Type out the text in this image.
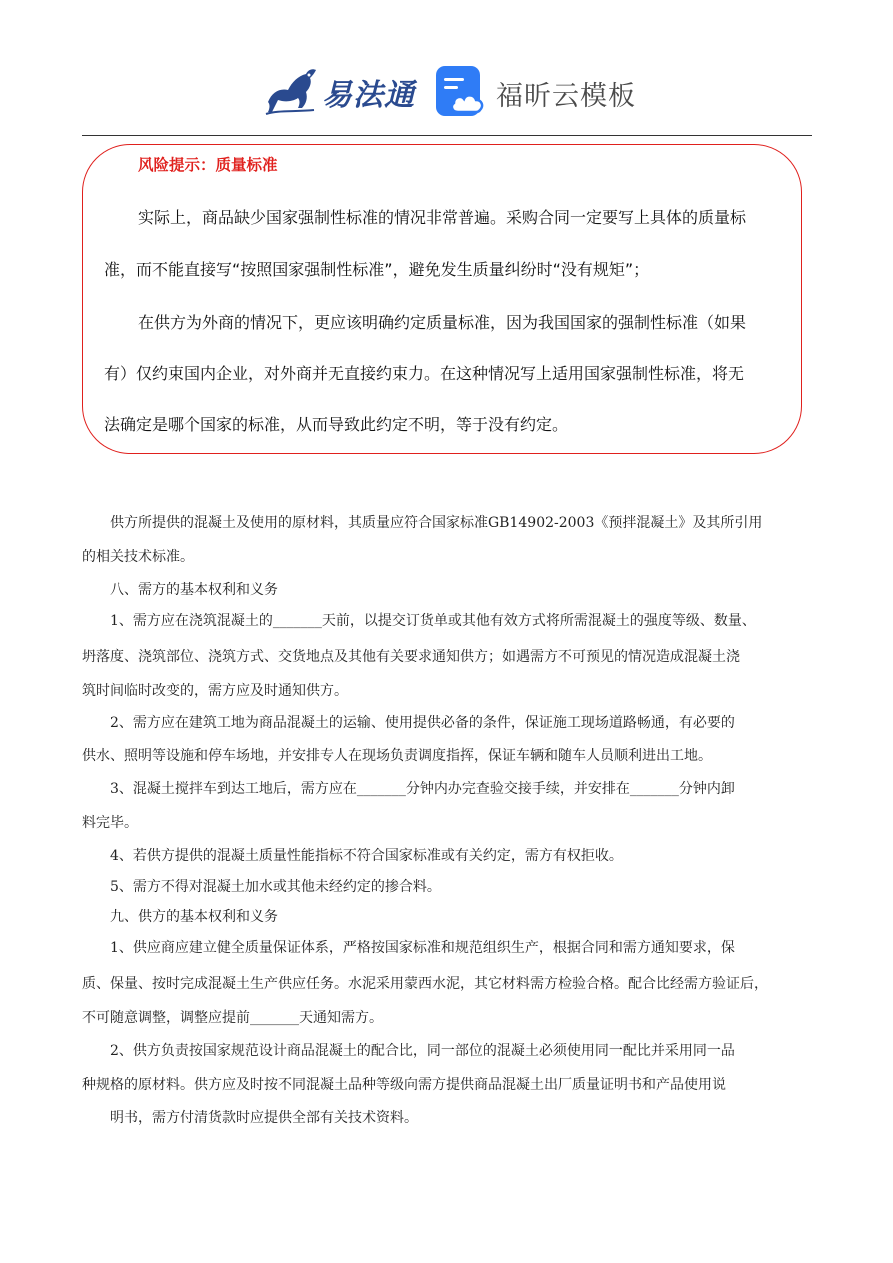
易法通	福昕云模板
风险提示：质量标准

实际上，商品缺少国家强制性标准的情况非常普遍。采购合同一定要写上具体的质量标

准，而不能直接写“按照国家强制性标准”，避免发生质量纠纷时“没有规矩”；

在供方为外商的情况下，更应该明确约定质量标准，因为我国国家的强制性标准（如果

有）仅约束国内企业，对外商并无直接约束力。在这种情况写上适用国家强制性标准，将无

法确定是哪个国家的标准，从而导致此约定不明，等于没有约定。

供方所提供的混凝土及使用的原材料，其质量应符合国家标准GB14902-2003《预拌混凝土》及其所引用

的相关技术标准。

八、需方的基本权利和义务

1、需方应在浇筑混凝土的_______天前，以提交订货单或其他有效方式将所需混凝土的强度等级、数量、

坍落度、浇筑部位、浇筑方式、交货地点及其他有关要求通知供方；如遇需方不可预见的情况造成混凝土浇

筑时间临时改变的，需方应及时通知供方。

2、需方应在建筑工地为商品混凝土的运输、使用提供必备的条件，保证施工现场道路畅通，有必要的

供水、照明等设施和停车场地，并安排专人在现场负责调度指挥，保证车辆和随车人员顺利进出工地。

3、混凝土搅拌车到达工地后，需方应在_______分钟内办完查验交接手续，并安排在_______分钟内卸

料完毕。

4、若供方提供的混凝土质量性能指标不符合国家标准或有关约定，需方有权拒收。

5、需方不得对混凝土加水或其他未经约定的掺合料。

九、供方的基本权利和义务

1、供应商应建立健全质量保证体系，严格按国家标准和规范组织生产，根据合同和需方通知要求，保

质、保量、按时完成混凝土生产供应任务。水泥采用蒙西水泥，其它材料需方检验合格。配合比经需方验证后，

不可随意调整，调整应提前_______天通知需方。

2、供方负责按国家规范设计商品混凝土的配合比，同一部位的混凝土必须使用同一配比并采用同一品

种规格的原材料。供方应及时按不同混凝土品种等级向需方提供商品混凝土出厂质量证明书和产品使用说

明书，需方付清货款时应提供全部有关技术资料。
